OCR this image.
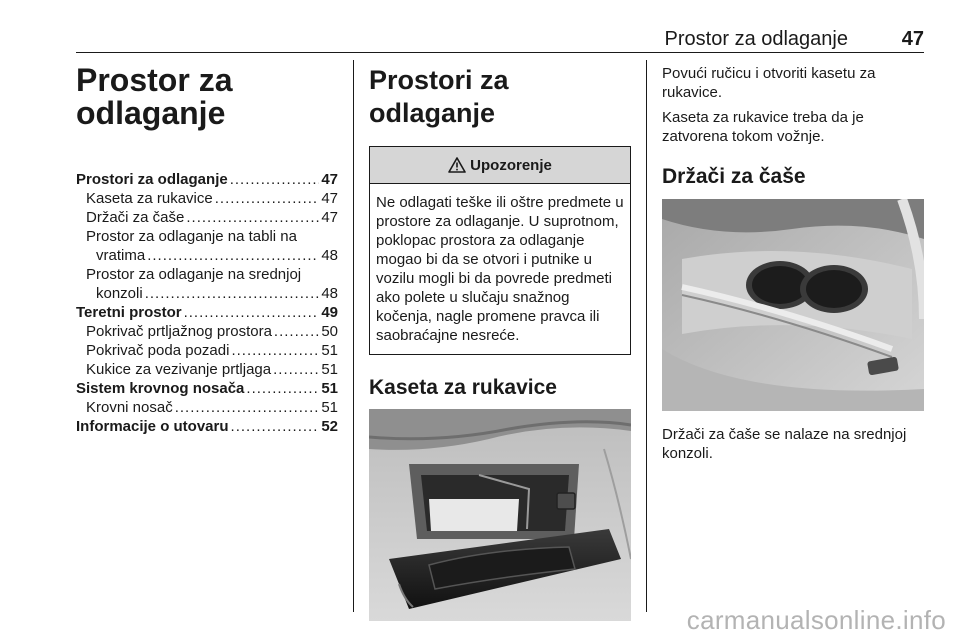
Prostor za odlaganje	47
Prostor za
odlaganje
Prostori za odlaganje .....	47
Kaseta za rukavice .....	47
Držači za čaše .....	47
Prostor za odlaganje na tabli na
vratima .....	48
Prostor za odlaganje na srednjoj
konzoli .....	48
Teretni prostor .....	49
Pokrivač prtljažnog prostora .....	50
Pokrivač poda pozadi .....	51
Kukice za vezivanje prtljaga .....	51
Sistem krovnog nosača .....	51
Krovni nosač .....	51
Informacije o utovaru .....	52
Prostori za odlaganje
Upozorenje
Ne odlagati teške ili oštre predmete u prostore za odlaganje. U suprotnom, poklopac prostora za odlaganje mogao bi da se otvori i putnike u vozilu mogli bi da povrede predmeti ako polete u slučaju snažnog kočenja, nagle promene pravca ili saobraćajne nesreće.
Kaseta za rukavice

Povući ručicu i otvoriti kasetu za rukavice.

Kaseta za rukavice treba da je zatvorena tokom vožnje.

Držači za čaše
Držači za čaše se nalaze na srednjoj konzoli.
carmanualsonline.info
